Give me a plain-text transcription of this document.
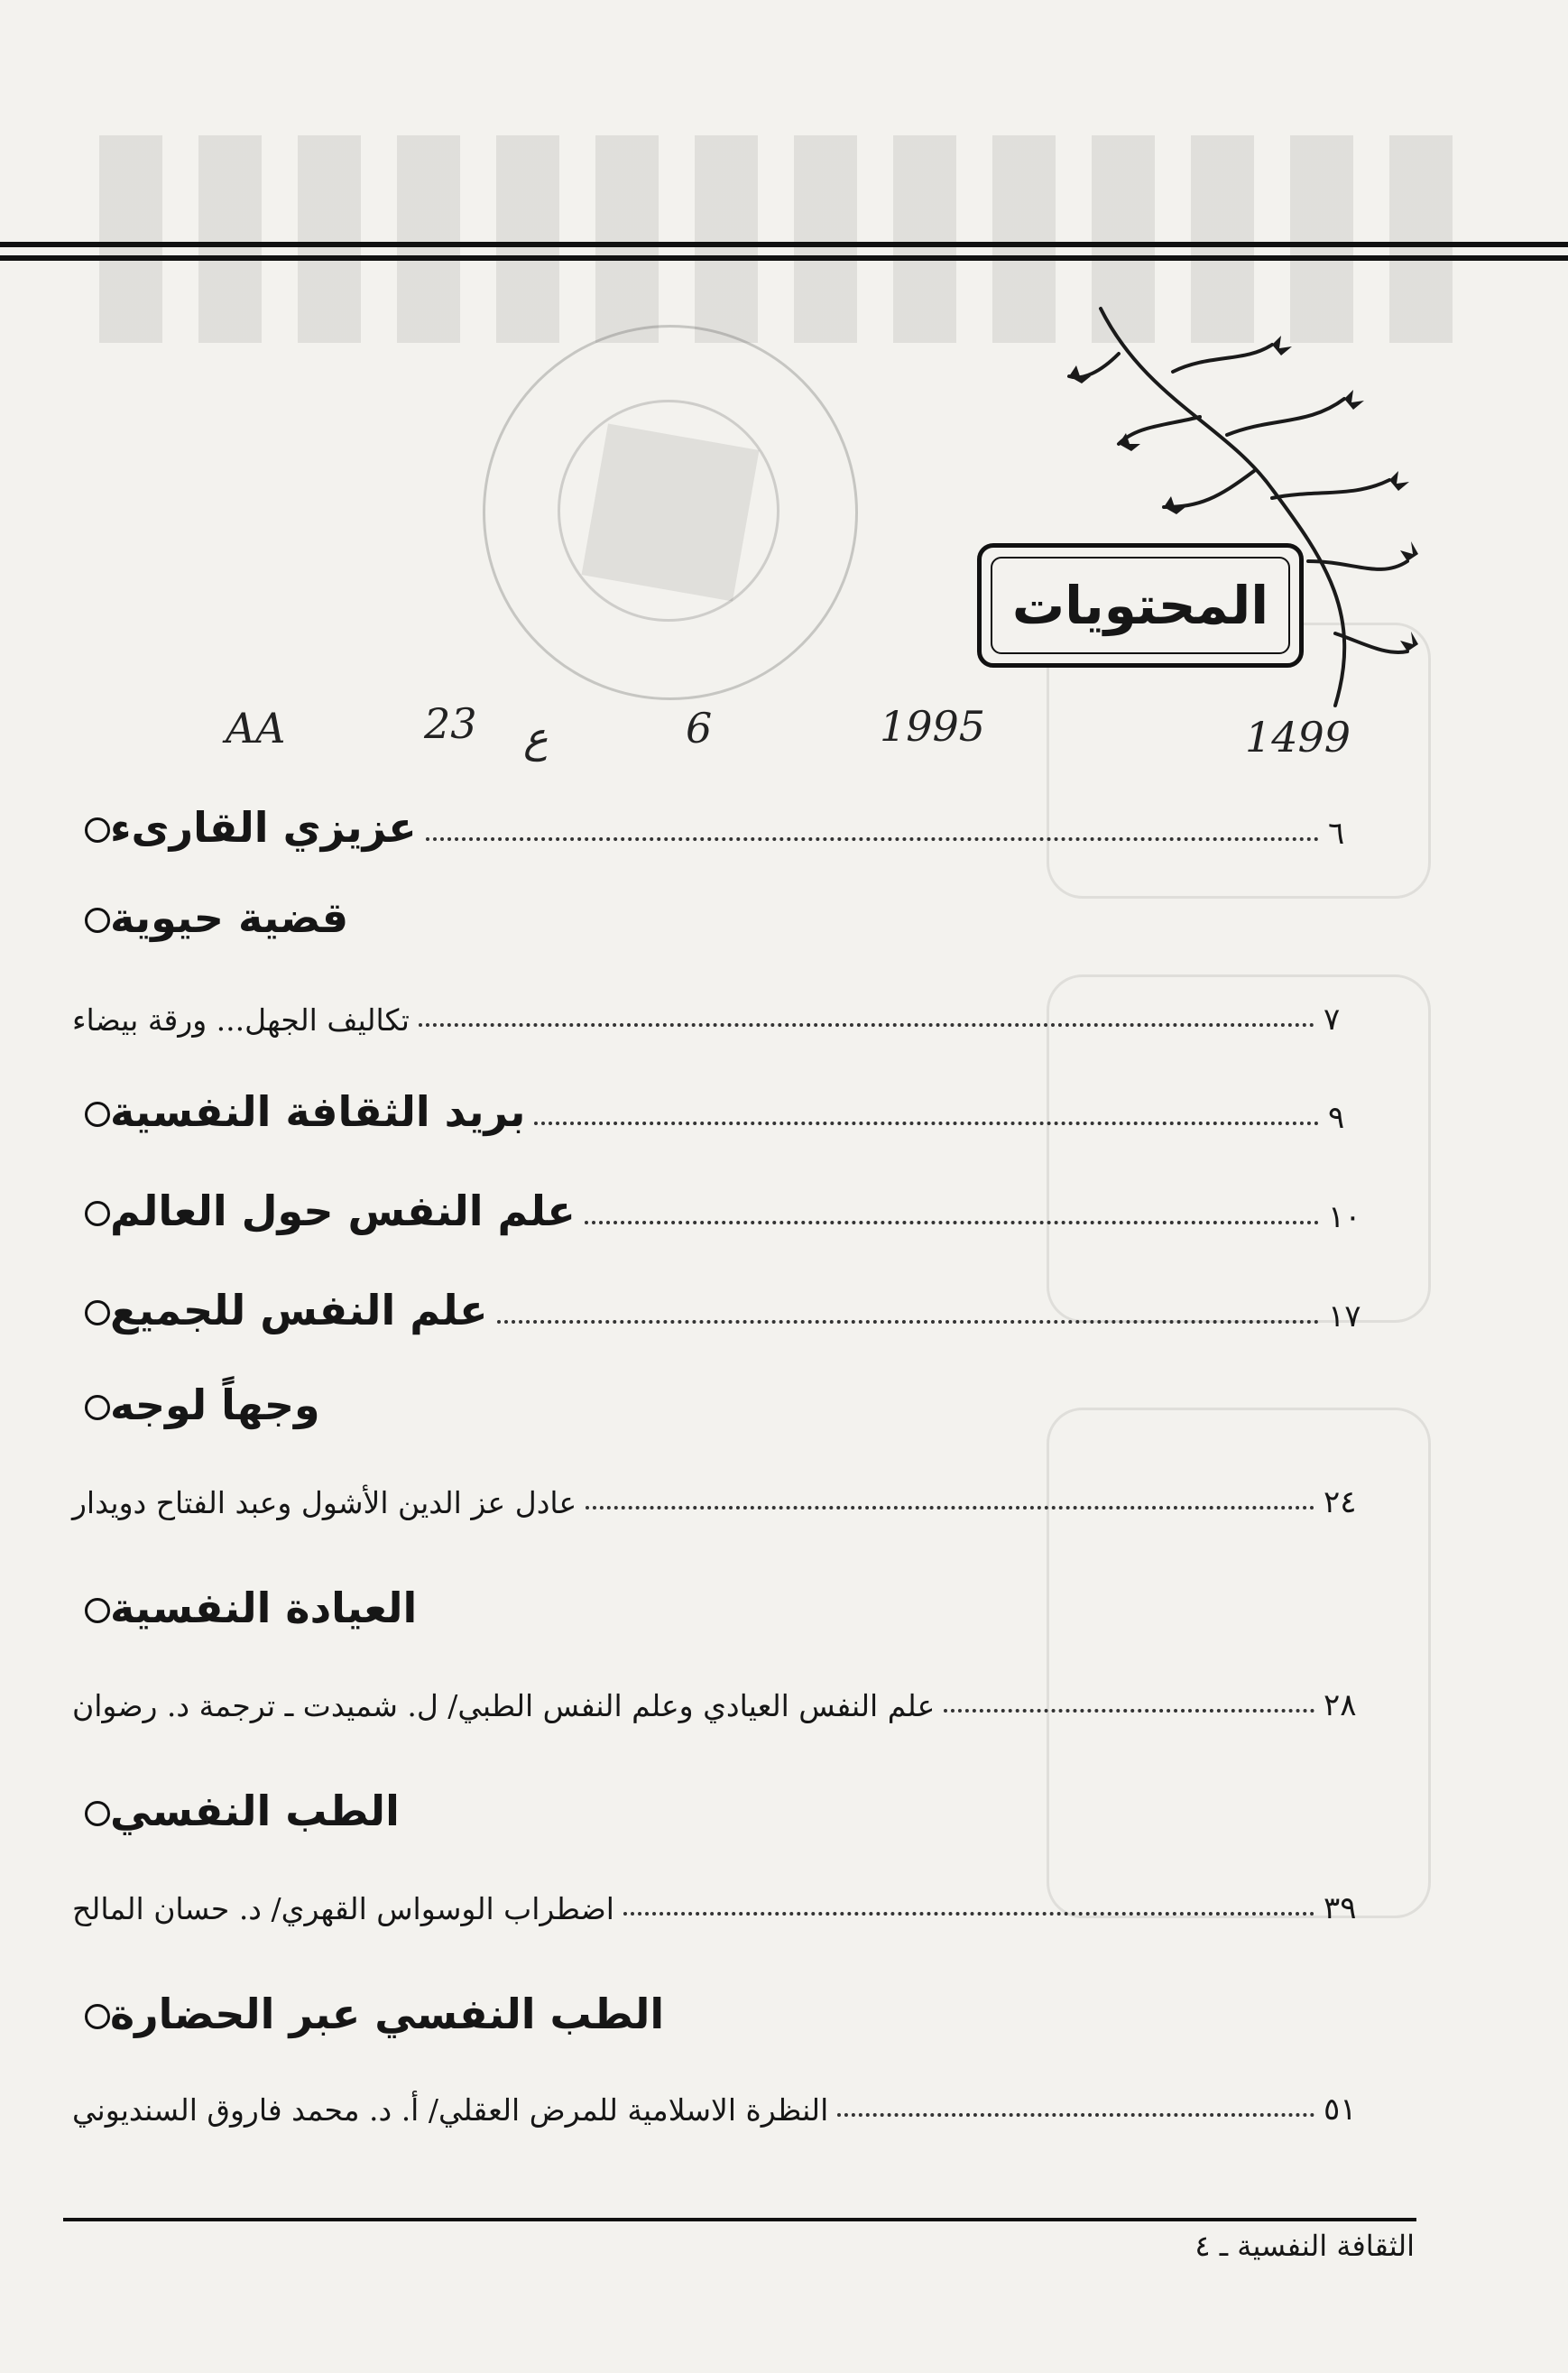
المحتويات
AA	23 ع	6	1995	1499
عزيزي القارىء	٦
قضية حيوية
تكاليف الجهل... ورقة بيضاء	٧
بريد الثقافة النفسية	٩
علم النفس حول العالم	١٠
علم النفس للجميع	١٧
وجهاً لوجه
عادل عز الدين الأشول وعبد الفتاح دويدار	٢٤
العيادة النفسية
علم النفس العيادي وعلم النفس الطبي/ ل. شميدت ـ ترجمة د. رضوان	٢٨
الطب النفسي
اضطراب الوسواس القهري/ د. حسان المالح	٣٩
الطب النفسي عبر الحضارة
النظرة الاسلامية للمرض العقلي/ أ. د. محمد فاروق السنديوني	٥١
الثقافة النفسية ـ ٤
